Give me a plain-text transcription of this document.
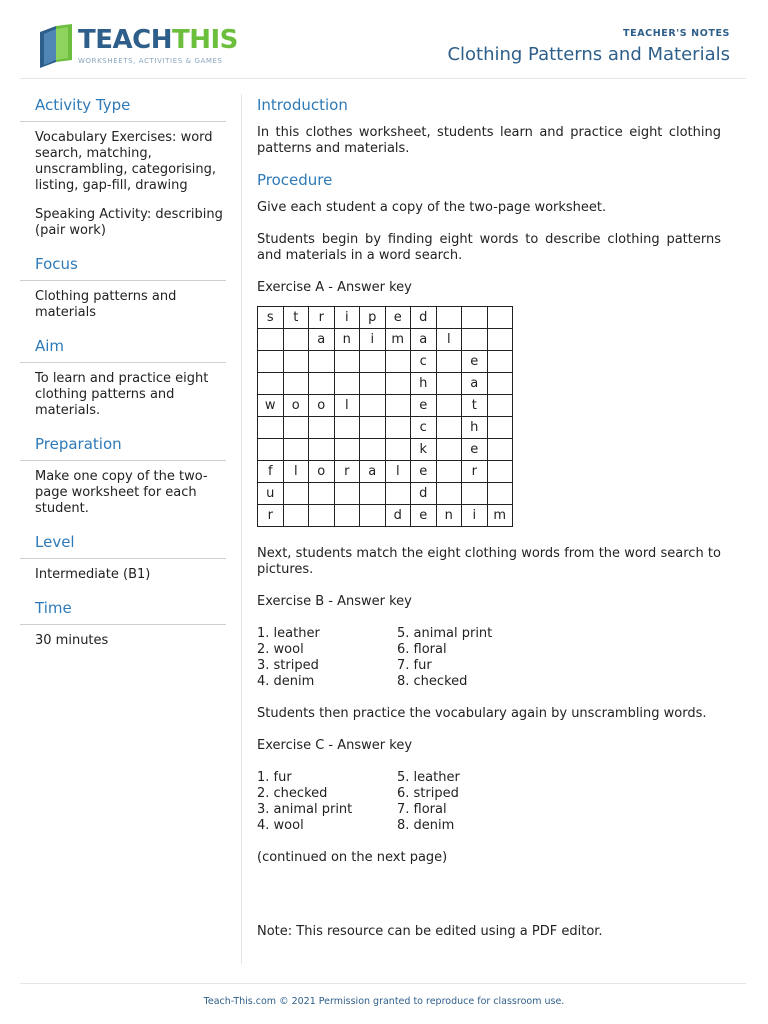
TEACHTHIS
WORKSHEETS, ACTIVITIES & GAMES
TEACHER'S NOTES
Clothing Patterns and Materials
Activity Type

Vocabulary Exercises: word search, matching, unscrambling, categorising, listing, gap-fill, drawing

Speaking Activity: describing (pair work)

Focus

Clothing patterns and materials

Aim

To learn and practice eight clothing patterns and materials.

Preparation

Make one copy of the two-page worksheet for each student.

Level

Intermediate (B1)

Time

30 minutes

Introduction

In this clothes worksheet, students learn and practice eight clothing patterns and materials.

Procedure

Give each student a copy of the two-page worksheet.

Students begin by finding eight words to describe clothing patterns and materials in a word search.

Exercise A - Answer key

s	t	r	i	p	e	d			
		a	n	i	m	a	l		
						c		e	
						h		a	
w	o	o	l			e		t	
						c		h	
						k		e	
f	l	o	r	a	l	e		r	
u						d			
r					d	e	n	i	m

Next, students match the eight clothing words from the word search to pictures.

Exercise B - Answer key

1. leather
2. wool
3. striped
4. denim
5. animal print
6. floral
7. fur
8. checked

Students then practice the vocabulary again by unscrambling words.

Exercise C - Answer key

1. fur
2. checked
3. animal print
4. wool
5. leather
6. striped
7. floral
8. denim

(continued on the next page)

Note: This resource can be edited using a PDF editor.

Teach-This.com © 2021 Permission granted to reproduce for classroom use.
